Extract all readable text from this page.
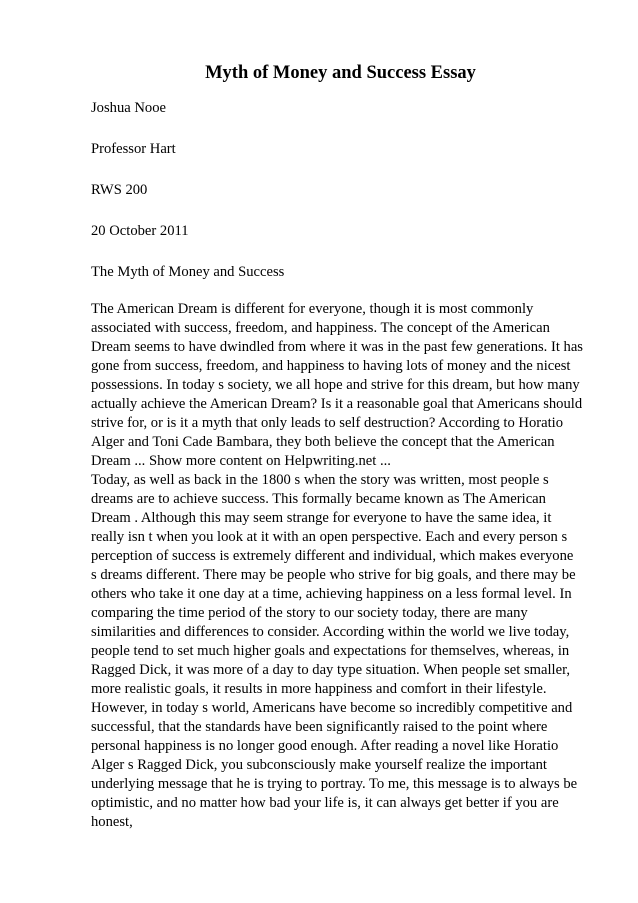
Myth of Money and Success Essay

Joshua Nooe

Professor Hart

RWS 200

20 October 2011

The Myth of Money and Success

The American Dream is different for everyone, though it is most commonly
associated with success, freedom, and happiness. The concept of the American
Dream seems to have dwindled from where it was in the past few generations. It has
gone from success, freedom, and happiness to having lots of money and the nicest
possessions. In today s society, we all hope and strive for this dream, but how many
actually achieve the American Dream? Is it a reasonable goal that Americans should
strive for, or is it a myth that only leads to self destruction? According to Horatio
Alger and Toni Cade Bambara, they both believe the concept that the American
Dream ... Show more content on Helpwriting.net ...
Today, as well as back in the 1800 s when the story was written, most people s
dreams are to achieve success. This formally became known as The American
Dream . Although this may seem strange for everyone to have the same idea, it
really isn t when you look at it with an open perspective. Each and every person s
perception of success is extremely different and individual, which makes everyone
s dreams different. There may be people who strive for big goals, and there may be
others who take it one day at a time, achieving happiness on a less formal level. In
comparing the time period of the story to our society today, there are many
similarities and differences to consider. According within the world we live today,
people tend to set much higher goals and expectations for themselves, whereas, in
Ragged Dick, it was more of a day to day type situation. When people set smaller,
more realistic goals, it results in more happiness and comfort in their lifestyle.
However, in today s world, Americans have become so incredibly competitive and
successful, that the standards have been significantly raised to the point where
personal happiness is no longer good enough. After reading a novel like Horatio
Alger s Ragged Dick, you subconsciously make yourself realize the important
underlying message that he is trying to portray. To me, this message is to always be
optimistic, and no matter how bad your life is, it can always get better if you are
honest,
